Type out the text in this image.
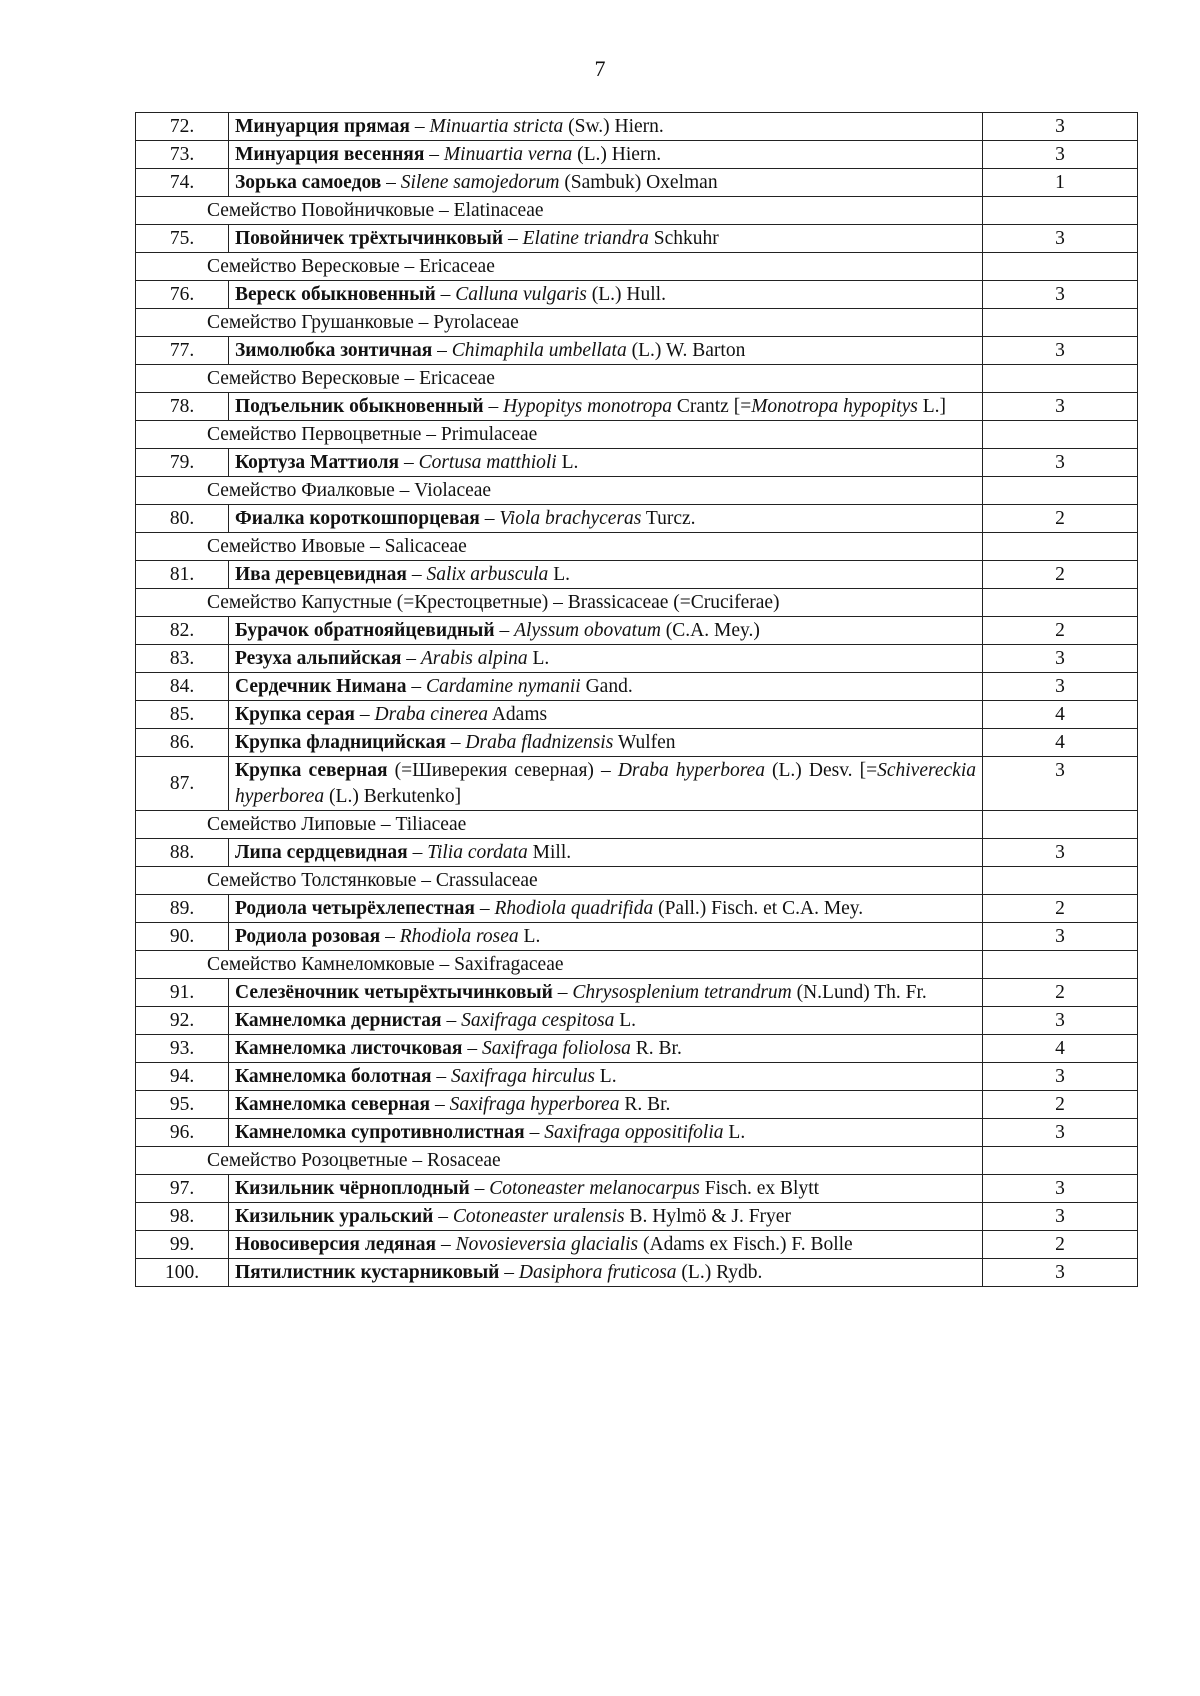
7
72.	Минуарция прямая – Minuartia stricta (Sw.) Hiern.	3
73.	Минуарция весенняя – Minuartia verna (L.) Hiern.	3
74.	Зорька самоедов – Silene samojedorum (Sambuk) Oxelman	1
Семейство Повойничковые – Elatinaceae		
75.	Повойничек трёхтычинковый – Elatine triandra Schkuhr	3
Семейство Вересковые – Ericaceae		
76.	Вереск обыкновенный – Calluna vulgaris (L.) Hull.	3
Семейство Грушанковые – Pyrolaceae		
77.	Зимолюбка зонтичная – Chimaphila umbellata (L.) W. Barton	3
Семейство Вересковые – Ericaceae		
78.	Подъельник обыкновенный – Hypopitys monotropa Crantz [=Monotropa hypopitys L.]	3
Семейство Первоцветные – Primulaceae		
79.	Кортуза Маттиоля – Cortusa matthioli L.	3
Семейство Фиалковые – Violaceae		
80.	Фиалка короткошпорцевая – Viola brachyceras Turcz.	2
Семейство Ивовые – Salicaceae		
81.	Ива деревцевидная – Salix arbuscula L.	2
Семейство Капустные (=Крестоцветные) – Brassicaceae (=Cruciferae)		
82.	Бурачок обратнояйцевидный – Alyssum obovatum (C.A. Mey.)	2
83.	Резуха альпийская – Arabis alpina L.	3
84.	Сердечник Нимана – Cardamine nymanii Gand.	3
85.	Крупка серая – Draba cinerea Adams	4
86.	Крупка фладницийская – Draba fladnizensis Wulfen	4
87.	Крупка северная (=Шиверекия северная) – Draba hyperborea (L.) Desv. [=Schivereckia hyperborea (L.) Berkutenko]	3
Семейство Липовые – Tiliaceae		
88.	Липа сердцевидная – Tilia cordata Mill.	3
Семейство Толстянковые – Crassulaceae		
89.	Родиола четырёхлепестная – Rhodiola quadrifida (Pall.) Fisch. et C.A. Mey.	2
90.	Родиола розовая – Rhodiola rosea L.	3
Семейство Камнеломковые – Saxifragaceae		
91.	Селезёночник четырёхтычинковый – Chrysosplenium tetrandrum (N.Lund) Th. Fr.	2
92.	Камнеломка дернистая – Saxifraga cespitosa L.	3
93.	Камнеломка листочковая – Saxifraga foliolosa R. Br.	4
94.	Камнеломка болотная – Saxifraga hirculus L.	3
95.	Камнеломка северная – Saxifraga hyperborea R. Br.	2
96.	Камнеломка супротивнолистная – Saxifraga oppositifolia L.	3
Семейство Розоцветные – Rosaceae		
97.	Кизильник чёрноплодный – Cotoneaster melanocarpus Fisch. ex Blytt	3
98.	Кизильник уральский – Cotoneaster uralensis B. Hylmö & J. Fryer	3
99.	Новосиверсия ледяная – Novosieversia glacialis (Adams ex Fisch.) F. Bolle	2
100.	Пятилистник кустарниковый – Dasiphora fruticosa (L.) Rydb.	3
